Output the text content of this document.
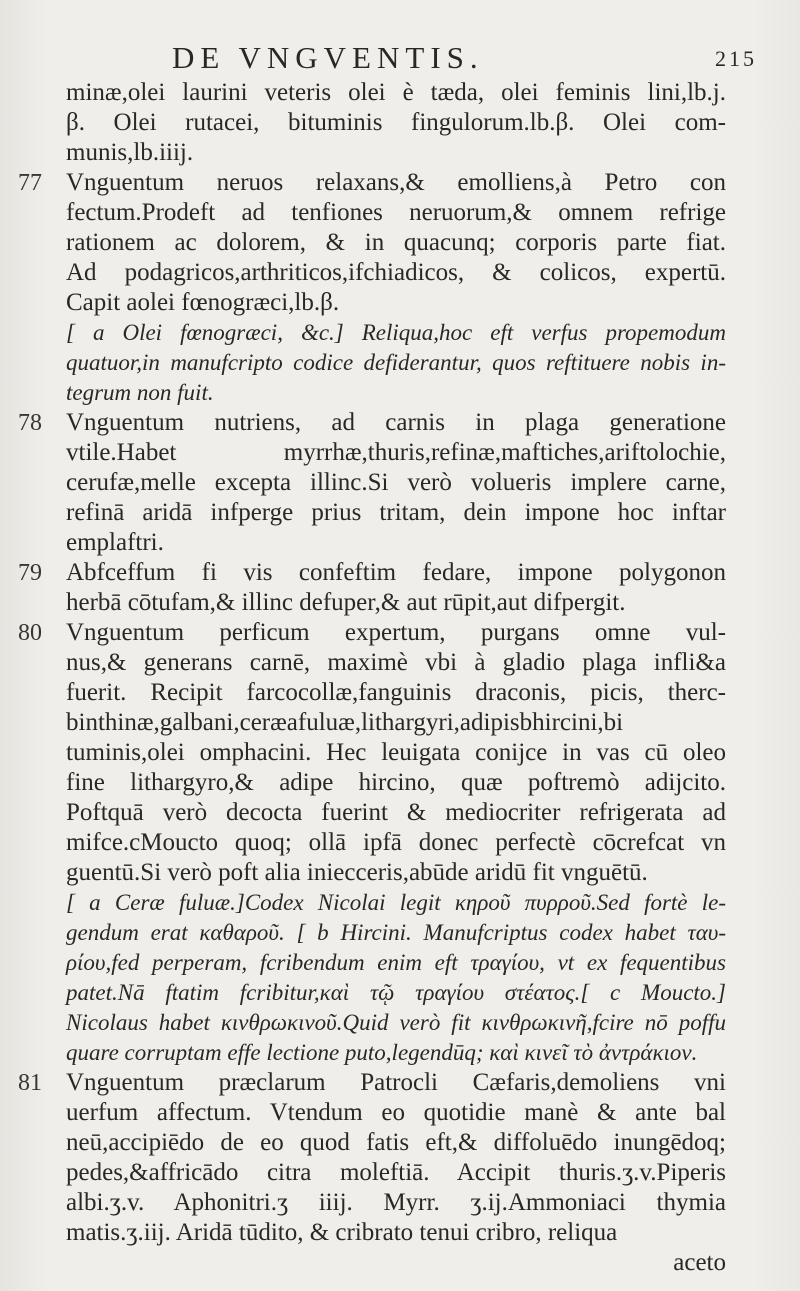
DE VNGVENTIS.	215
minæ,olei laurini veteris olei è tæda, olei feminis lini,lb.j.
β. Olei rutacei, bituminis fingulorum.lb.β. Olei com-
munis,lb.iiij.
77 Vnguentum neruos relaxans,& emolliens,à Petro con
fectum.Prodeft ad tenfiones neruorum,& omnem refrige
rationem ac dolorem, & in quacunq; corporis parte fiat.
Ad podagricos,arthriticos,ifchiadicos, & colicos, expertū.
Capit aolei fœnogræci,lb.β.
[ a Olei fœnogræci, &c.] Reliqua,hoc eft verfus propemodum
quatuor,in manufcripto codice defiderantur, quos reftituere nobis in-
tegrum non fuit.
78 Vnguentum nutriens, ad carnis in plaga generatione
vtile.Habet myrrhæ,thuris,refinæ,maftiches,ariftolochie,
cerufæ,melle excepta illinc.Si verò volueris implere carne,
refinā aridā infperge prius tritam, dein impone hoc inftar
emplaftri.
79 Abfceffum fi vis confeftim fedare, impone polygonon
herbā cōtufam,& illinc defuper,& aut rūpit,aut difpergit.
80 Vnguentum perficum expertum, purgans omne vul-
nus,& generans carnē, maximè vbi à gladio plaga infli&a
fuerit. Recipit farcocollæ,fanguinis draconis, picis, therc-
binthinæ,galbani,ceræafuluæ,lithargyri,adipisbhircini,bi
tuminis,olei omphacini. Hec leuigata conijce in vas cū oleo
fine lithargyro,& adipe hircino, quæ poftremò adijcito.
Poftquā verò decocta fuerint & mediocriter refrigerata ad
mifce.cMoucto quoq; ollā ipfā donec perfectè cōcrefcat vn
guentū.Si verò poft alia iniecceris,abūde aridū fit vnguētū.
[ a Ceræ fuluæ.]Codex Nicolai legit κηροῦ πυρροῦ.Sed fortè le-
gendum erat καθαροῦ. [ b Hircini. Manufcriptus codex habet ταυ-
ρίου,fed perperam, fcribendum enim eft τραγίου, vt ex fequentibus
patet.Nā ftatim fcribitur,καὶ τῷ τραγίου στέατος.[ c Moucto.]
Nicolaus habet κινθρωκινοῦ.Quid verò fit κινθρωκινῆ,fcire nō poffu
quare corruptam effe lectione puto,legendūq; καὶ κινεῖ τὸ ἀντράκιον.
81 Vnguentum præclarum Patrocli Cæfaris,demoliens vni
uerfum affectum. Vtendum eo quotidie manè & ante bal
neū,accipiēdo de eo quod fatis eft,& diffoluēdo inungēdoq;
pedes,&affricādo citra moleftiā. Accipit thuris.ʒ.v.Piperis
albi.ʒ.v. Aphonitri.ʒ iiij. Myrr. ʒ.ij.Ammoniaci thymia
matis.ʒ.iij. Aridā tūdito, & cribrato tenui cribro, reliqua
aceto
